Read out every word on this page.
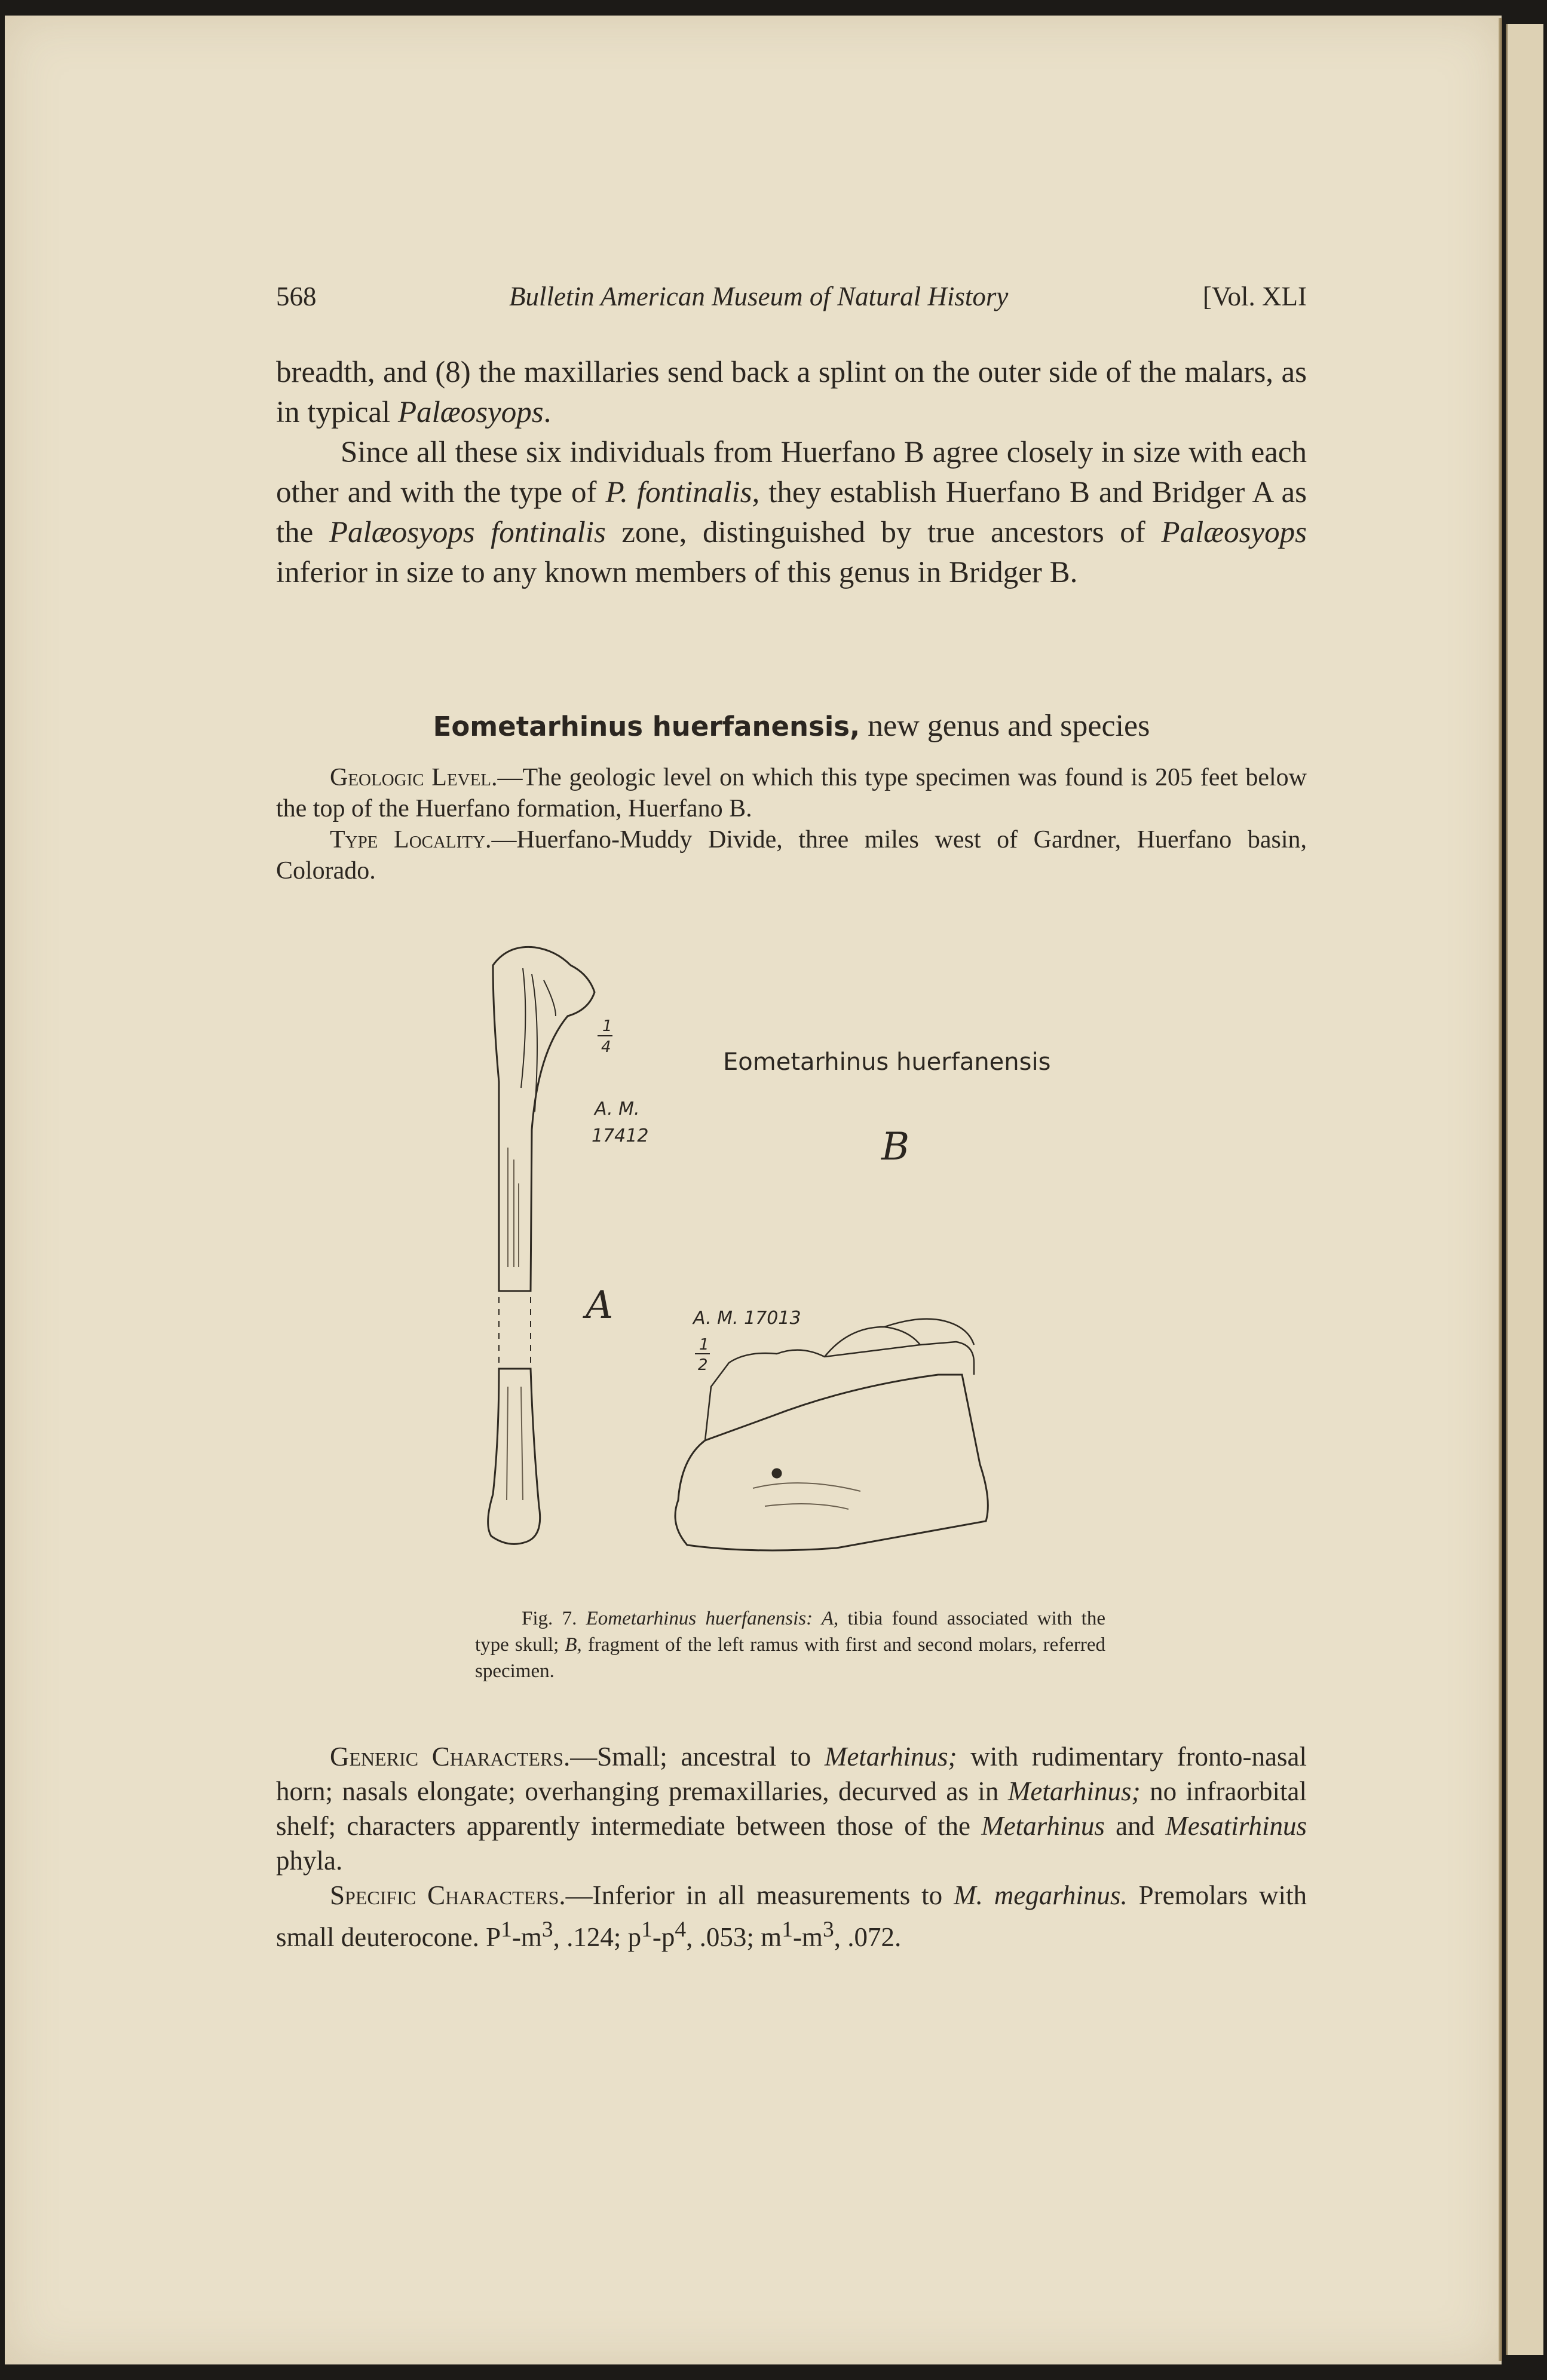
568	Bulletin American Museum of Natural History	[Vol. XLI

breadth, and (8) the maxillaries send back a splint on the outer side of the malars, as in typical Palæosyops.

Since all these six individuals from Huerfano B agree closely in size with each other and with the type of P. fontinalis, they establish Huerfano B and Bridger A as the Palæosyops fontinalis zone, distinguished by true ancestors of Palæosyops inferior in size to any known members of this genus in Bridger B.

Eometarhinus huerfanensis, new genus and species

Geologic Level.—The geologic level on which this type specimen was found is 205 feet below the top of the Huerfano formation, Huerfano B.

Type Locality.—Huerfano-Muddy Divide, three miles west of Gardner, Huerfano basin, Colorado.

Eometarhinus huerfanensis
B
A
A. M.
17412
1
4
A. M. 17013
1
2

Fig. 7. Eometarhinus huerfanensis: A, tibia found associated with the type skull; B, fragment of the left ramus with first and second molars, referred specimen.

Generic Characters.—Small; ancestral to Metarhinus; with rudimentary fronto-nasal horn; nasals elongate; overhanging premaxillaries, decurved as in Metarhinus; no infraorbital shelf; characters apparently intermediate between those of the Metarhinus and Mesatirhinus phyla.

Specific Characters.—Inferior in all measurements to M. megarhinus. Premolars with small deuterocone. $P^1-m^3$, .124; $p^1-p^4$, .053; $m^1-m^3$, .072.
